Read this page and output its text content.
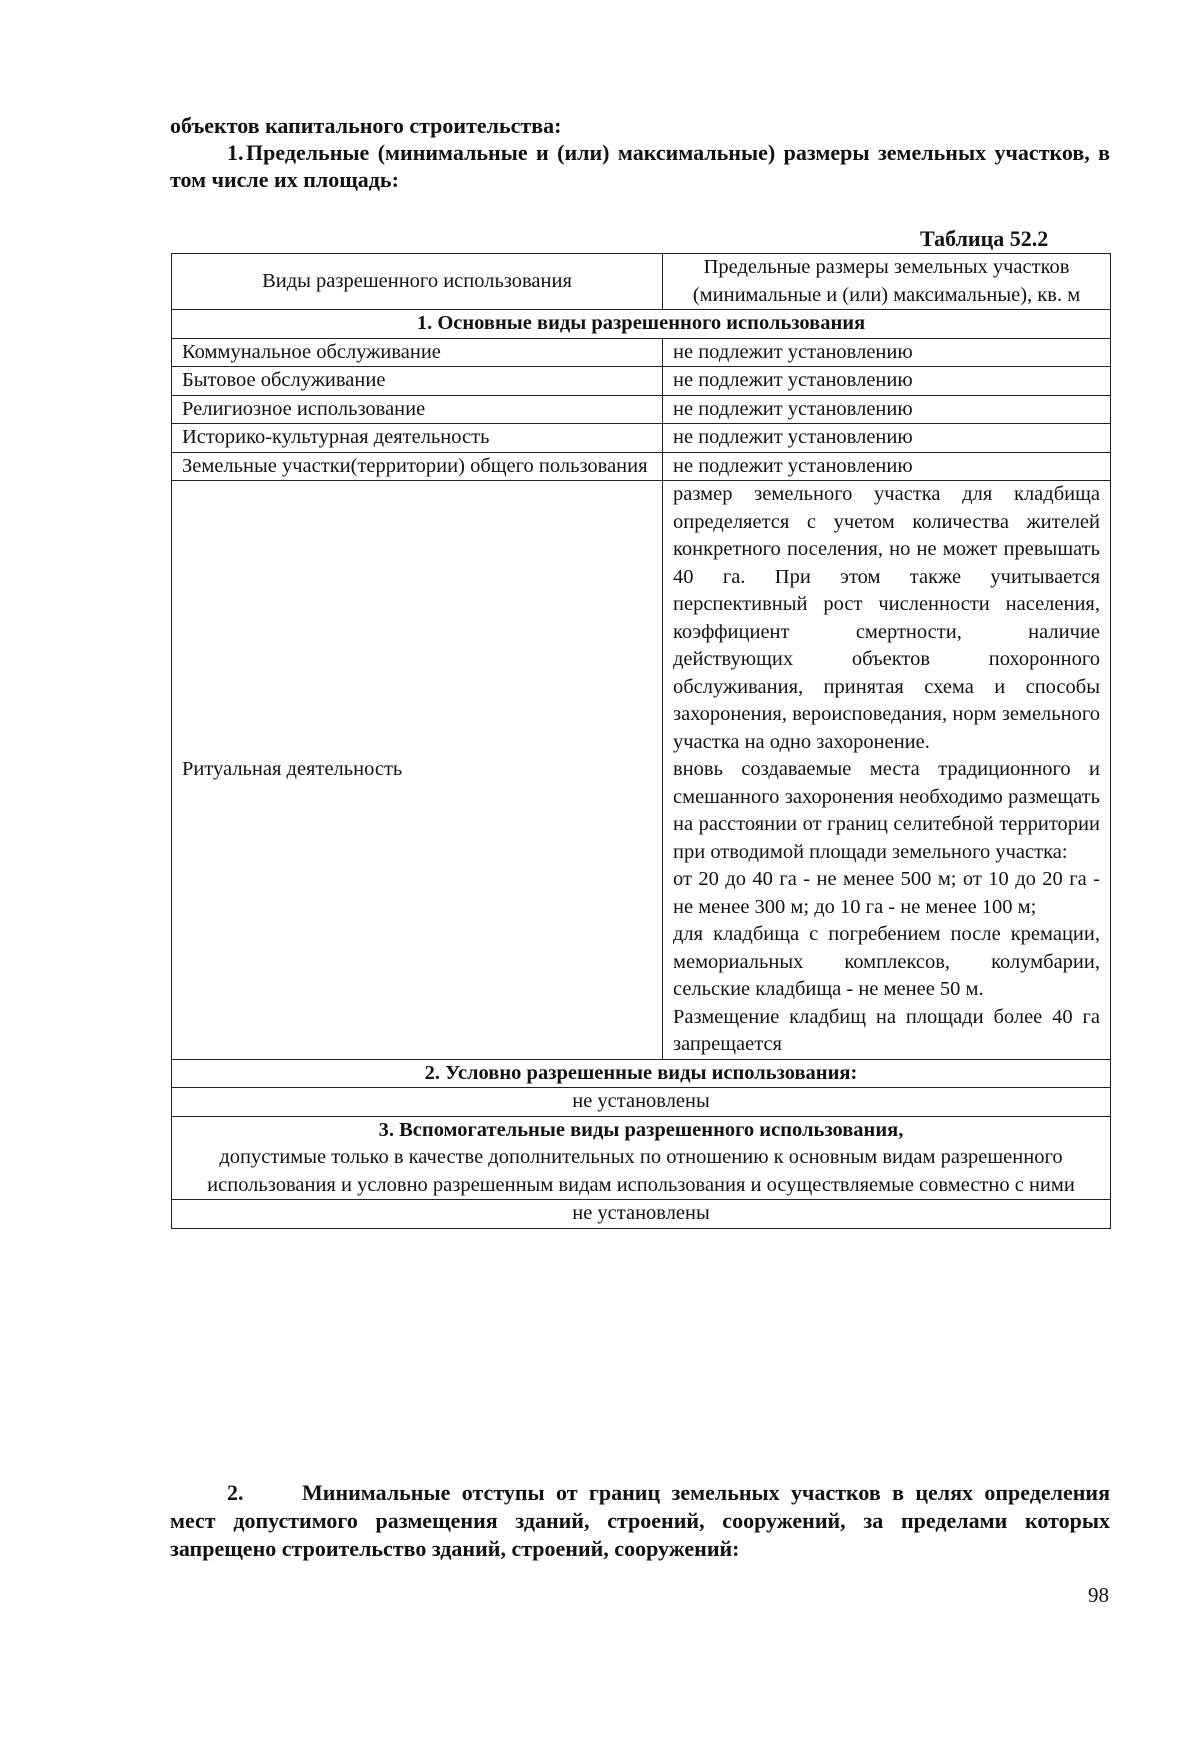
объектов капитального строительства:

1. Предельные (минимальные и (или) максимальные) размеры земельных участков, в том числе их площадь:

Таблица 52.2
Виды разрешенного использования	Предельные размеры земельных участков (минимальные и (или) максимальные), кв. м
1. Основные виды разрешенного использования	
Коммунальное обслуживание	не подлежит установлению
Бытовое обслуживание	не подлежит установлению
Религиозное использование	не подлежит установлению
Историко-культурная деятельность	не подлежит установлению
Земельные участки(территории) общего пользования	не подлежит установлению
Ритуальная деятельность	размер земельного участка для кладбища определяется с учетом количества жителей конкретного поселения, но не может превышать 40 га. При этом также учитывается перспективный рост численности населения, коэффициент смертности, наличие действующих объектов похоронного обслуживания, принятая схема и способы захоронения, вероисповедания, норм земельного участка на одно захоронение.
вновь создаваемые места традиционного и смешанного захоронения необходимо размещать на расстоянии от границ селитебной территории при отводимой площади земельного участка:
от 20 до 40 га - не менее 500 м; от 10 до 20 га - не менее 300 м; до 10 га - не менее 100 м;
для кладбища с погребением после кремации, мемориальных комплексов, колумбарии, сельские кладбища - не менее 50 м.
Размещение кладбищ на площади более 40 га запрещается

2. Условно разрешенные виды использования:	
не установлены	

3. Вспомогательные виды разрешенного использования,
допустимые только в качестве дополнительных по отношению к основным видам разрешенного использования и условно разрешенным видам использования и осуществляемые совместно с ними	

не установлены	
2.	Минимальные отступы от границ земельных участков в целях определения мест допустимого размещения зданий, строений, сооружений, за пределами которых запрещено строительство зданий, строений, сооружений:
98
